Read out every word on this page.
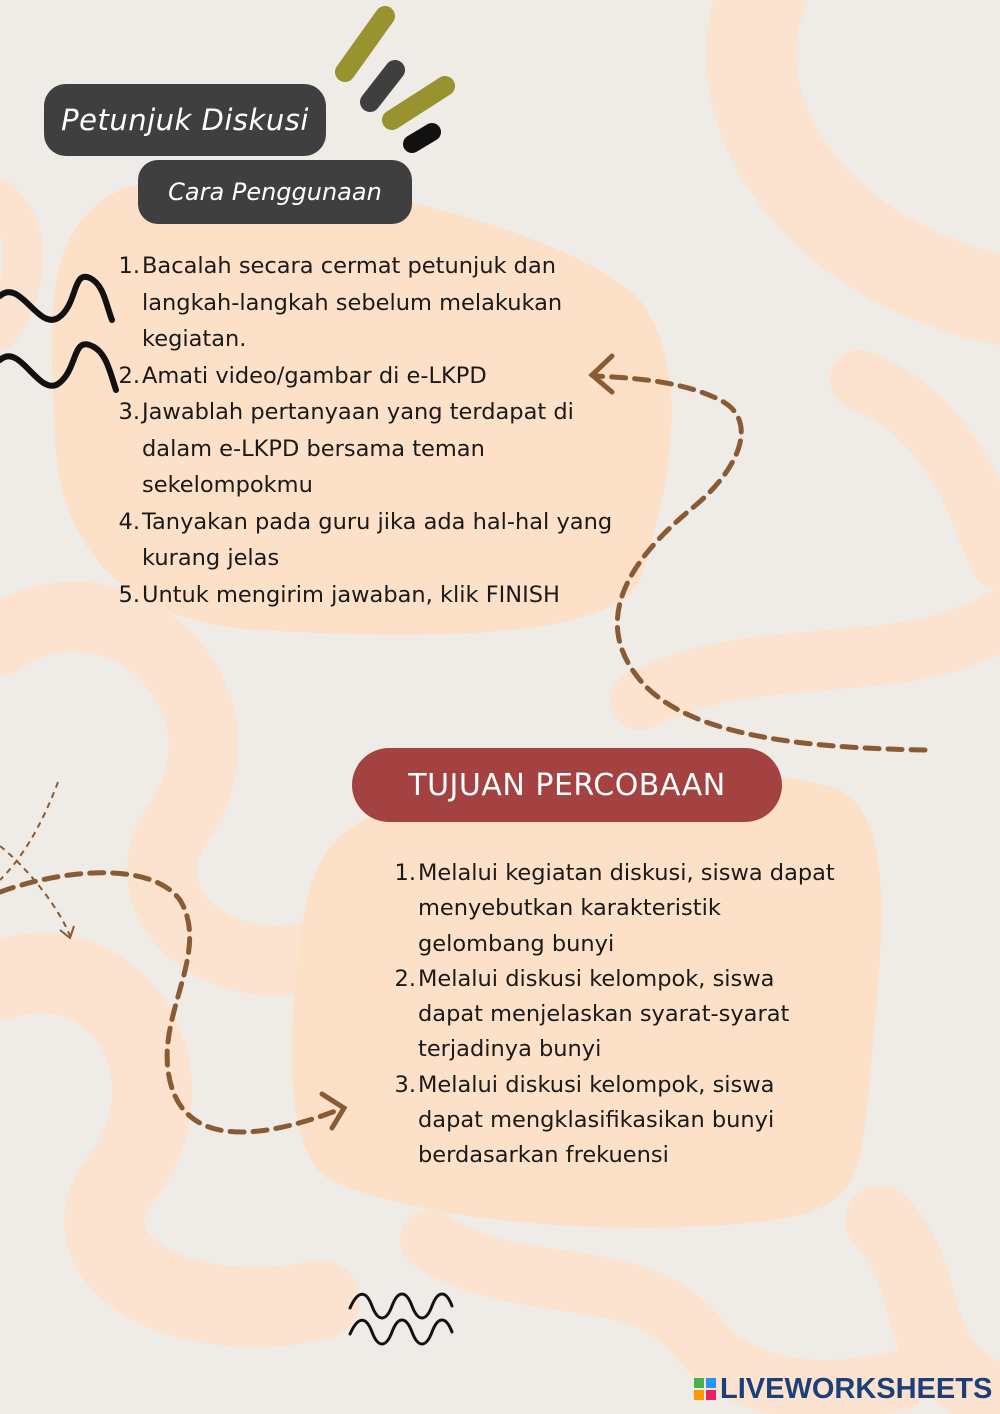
Petunjuk Diskusi
Cara Penggunaan
1. Bacalah secara cermat petunjuk dan langkah-langkah sebelum melakukan kegiatan.
2. Amati video/gambar di e-LKPD
3. Jawablah pertanyaan yang terdapat di dalam e-LKPD bersama teman sekelompokmu
4. Tanyakan pada guru jika ada hal-hal yang kurang jelas
5. Untuk mengirim jawaban, klik FINISH
TUJUAN PERCOBAAN
1. Melalui kegiatan diskusi, siswa dapat menyebutkan karakteristik gelombang bunyi
2. Melalui diskusi kelompok, siswa dapat menjelaskan syarat-syarat terjadinya bunyi
3. Melalui diskusi kelompok, siswa dapat mengklasifikasikan bunyi berdasarkan frekuensi
LIVEWORKSHEETS
